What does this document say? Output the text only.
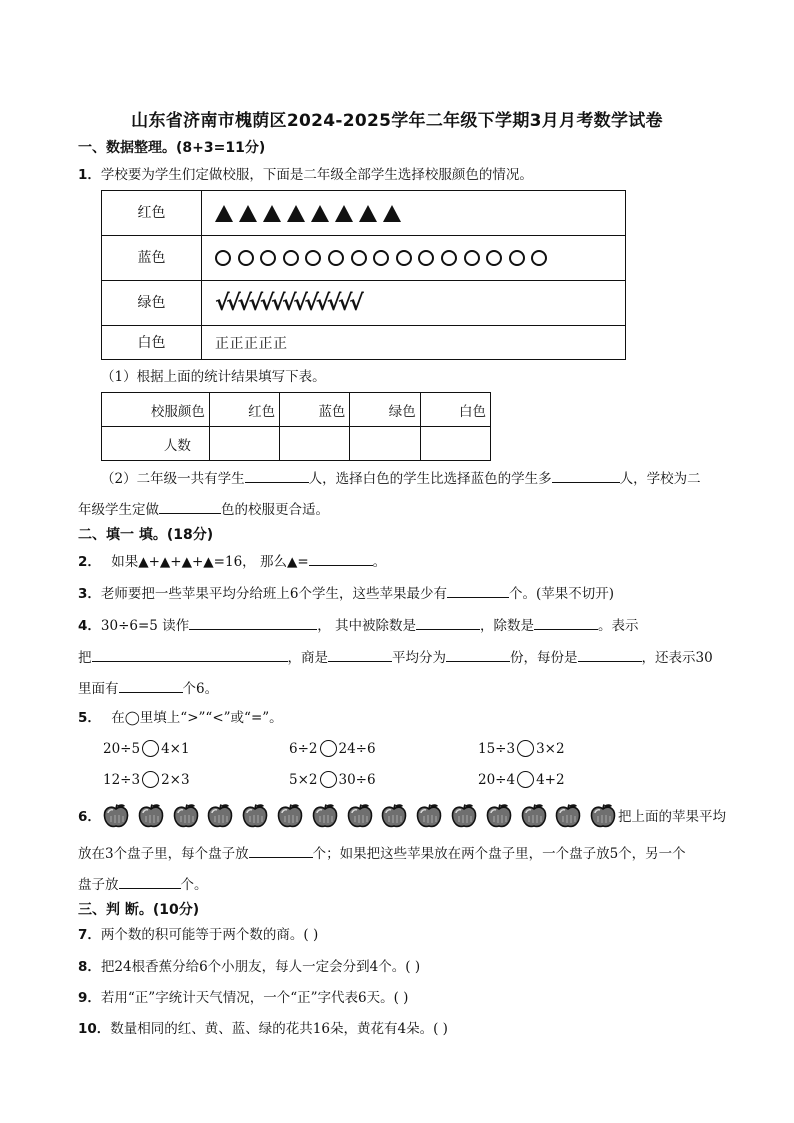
山东省济南市槐荫区2024-2025学年二年级下学期3月月考数学试卷
一、数据整理。(8+3=11分)
1．学校要为学生们定做校服，下面是二年级全部学生选择校服颜色的情况。
红色
蓝色
绿色	√√√√√√√√√√√√√
白色	正正正正正
（1）根据上面的统计结果填写下表。
校服颜色	红色	蓝色	绿色	白色
人数				
（2）二年级一共有学生	人，选择白色的学生比选择蓝色的学生多	人，学校为二
年级学生定做	色的校服更合适。
二、填一 填。(18分)
2． 如果▲+▲+▲+▲=16， 那么▲=	。
3．老师要把一些苹果平均分给班上6个学生，这些苹果最少有	个。(苹果不切开)
4．30÷6=5 读作	， 其中被除数是	，除数是	。表示
把	，商是	平均分为	份，每份是	，还表示30
里面有	个6。
5． 在◯里填上“>”“<”或“=”。
20÷5 4×1	6÷2 24÷6	15÷3 3×2
12÷3 2×3	5×2 30÷6	20÷4 4+2
6．	把上面的苹果平均
放在3个盘子里，每个盘子放	个；如果把这些苹果放在两个盘子里，一个盘子放5个，另一个
盘子放	个。
三、判 断。(10分)
7．两个数的积可能等于两个数的商。( )
8．把24根香蕉分给6个小朋友，每人一定会分到4个。( )
9．若用“正”字统计天气情况，一个“正”字代表6天。( )
10．数量相同的红、黄、蓝、绿的花共16朵，黄花有4朵。( )
